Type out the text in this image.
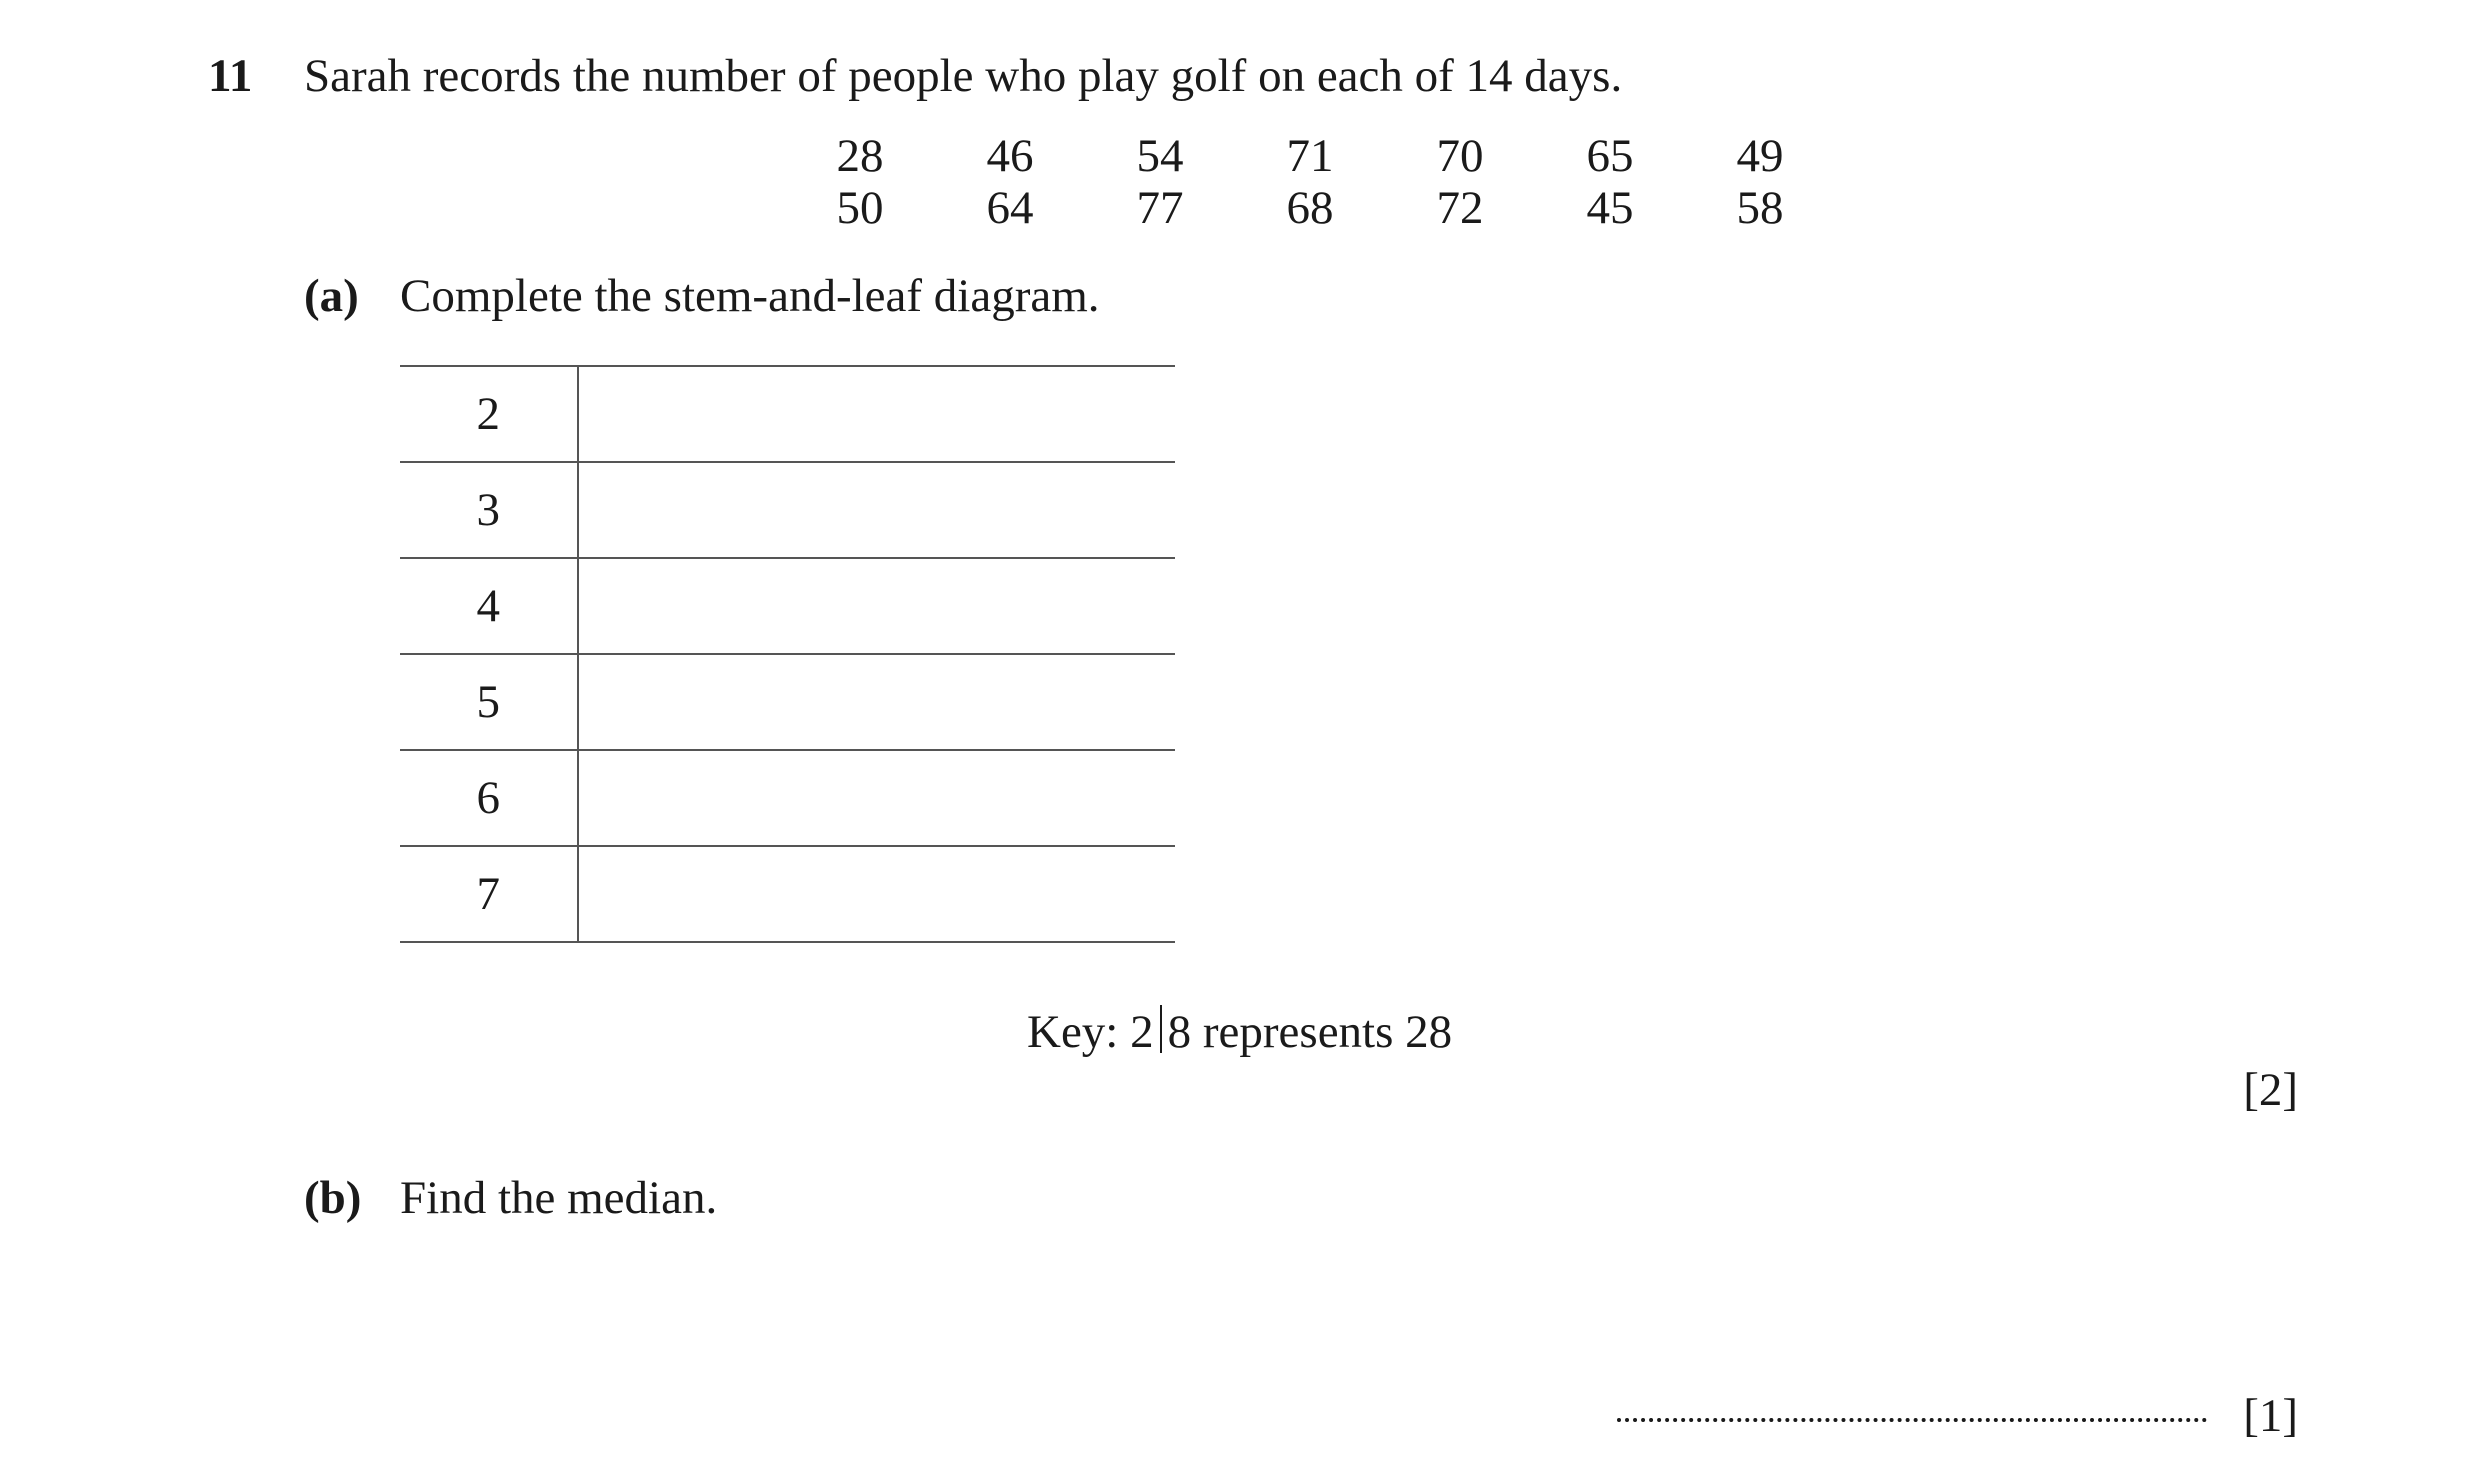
11 Sarah records the number of people who play golf on each of 14 days.
28	46	54	71	70	65	49
50	64	77	68	72	45	58
(a) Complete the stem-and-leaf diagram.
2	
3	
4	
5	
6	
7	
Key: 2 8 represents 28
[2]
(b) Find the median.
[1]
